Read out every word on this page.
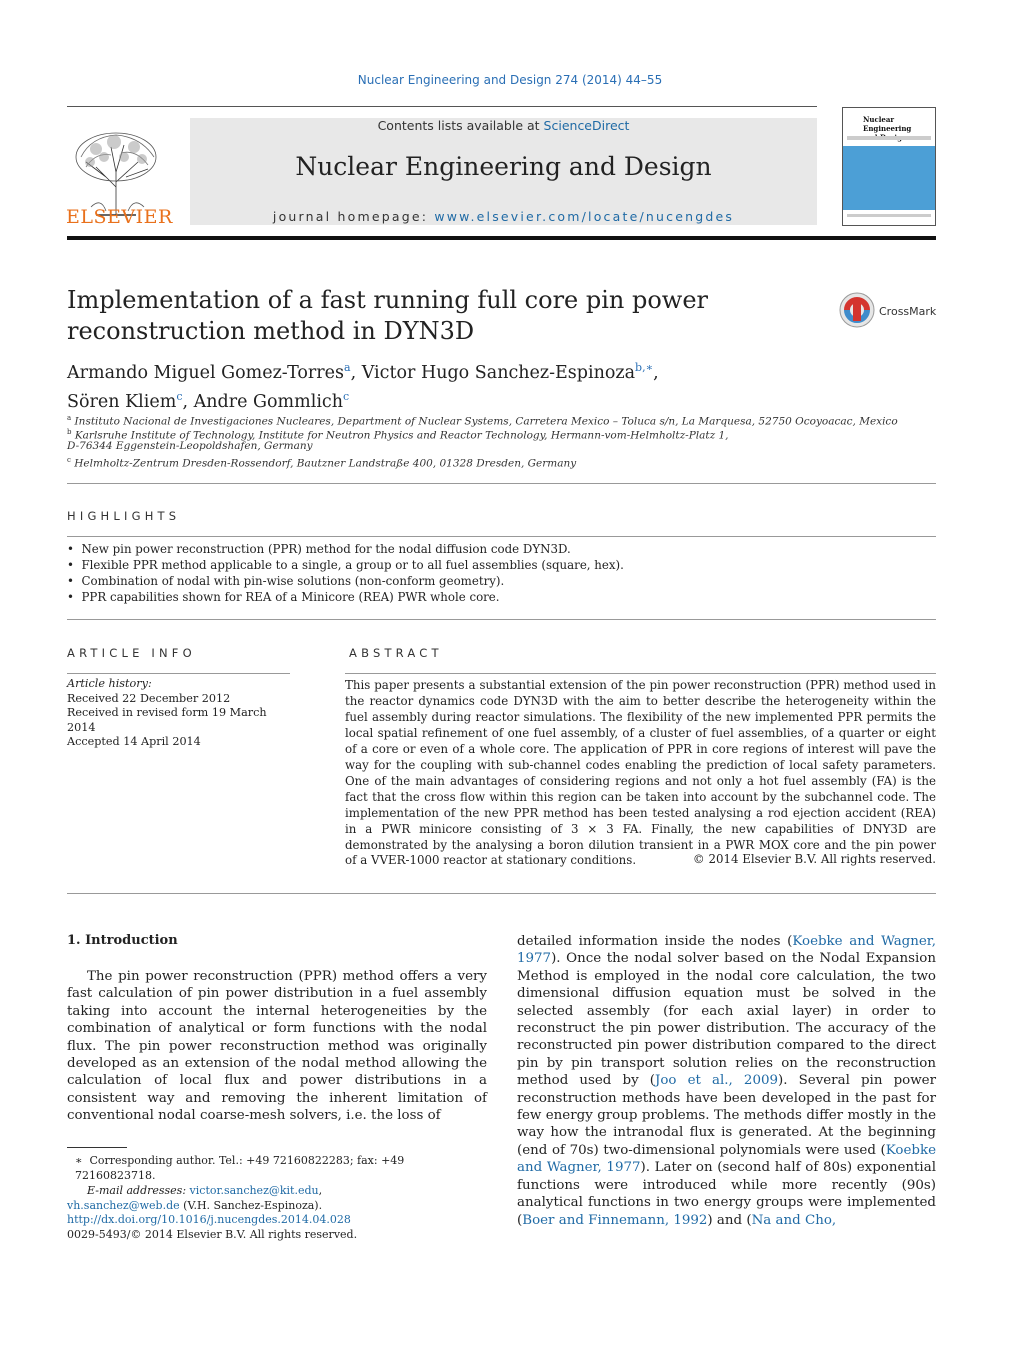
Nuclear Engineering and Design 274 (2014) 44–55
ELSEVIER
Contents lists available at ScienceDirect
Nuclear Engineering and Design
journal homepage: www.elsevier.com/locate/nucengdes
Nuclear Engineering
Implementation of a fast running full core pin power reconstruction method in DYN3D
CrossMark
Armando Miguel Gomez-Torres$^a$, Victor Hugo Sanchez-Espinoza$^{b,∗}$,
Sören Kliem$^c$, Andre Gommlich$^c$
$^a$ Instituto Nacional de Investigaciones Nucleares, Department of Nuclear Systems, Carretera Mexico – Toluca s/n, La Marquesa, 52750 Ocoyoacac, Mexico
$^b$ Karlsruhe Institute of Technology, Institute for Neutron Physics and Reactor Technology, Hermann-vom-Helmholtz-Platz 1,
D-76344 Eggenstein-Leopoldshafen, Germany
$^c$ Helmholtz-Zentrum Dresden-Rossendorf, Bautzner Landstraße 400, 01328 Dresden, Germany
HIGHLIGHTS
•  New pin power reconstruction (PPR) method for the nodal diffusion code DYN3D.
•  Flexible PPR method applicable to a single, a group or to all fuel assemblies (square, hex).
•  Combination of nodal with pin-wise solutions (non-conform geometry).
•  PPR capabilities shown for REA of a Minicore (REA) PWR whole core.
ARTICLE INFO
Article history:
Received 22 December 2012
Received in revised form 19 March 2014
Accepted 14 April 2014
ABSTRACT
This paper presents a substantial extension of the pin power reconstruction (PPR) method used in the reactor dynamics code DYN3D with the aim to better describe the heterogeneity within the fuel assembly during reactor simulations. The flexibility of the new implemented PPR permits the local spatial refinement of one fuel assembly, of a cluster of fuel assemblies, of a quarter or eight of a core or even of a whole core. The application of PPR in core regions of interest will pave the way for the coupling with sub-channel codes enabling the prediction of local safety parameters. One of the main advantages of considering regions and not only a hot fuel assembly (FA) is the fact that the cross flow within this region can be taken into account by the subchannel code. The implementation of the new PPR method has been tested analysing a rod ejection accident (REA) in a PWR minicore consisting of 3 × 3 FA. Finally, the new capabilities of DNY3D are demonstrated by the analysing a boron dilution transient in a PWR MOX core and the pin power of a VVER-1000 reactor at stationary conditions.	© 2014 Elsevier B.V. All rights reserved.
1. Introduction
The pin power reconstruction (PPR) method offers a very fast calculation of pin power distribution in a fuel assembly taking into account the internal heterogeneities by the combination of analytical or form functions with the nodal flux. The pin power reconstruction method was originally developed as an extension of the nodal method allowing the calculation of local flux and power distributions in a consistent way and removing the inherent limitation of conventional nodal coarse-mesh solvers, i.e. the loss of
detailed information inside the nodes (Koebke and Wagner, 1977). Once the nodal solver based on the Nodal Expansion Method is employed in the nodal core calculation, the two dimensional diffusion equation must be solved in the selected assembly (for each axial layer) in order to reconstruct the pin power distribution. The accuracy of the reconstructed pin power distribution compared to the direct pin by pin transport solution relies on the reconstruction method used by (Joo et al., 2009). Several pin power reconstruction methods have been developed in the past for few energy group problems. The methods differ mostly in the way how the intranodal flux is generated. At the beginning (end of 70s) two-dimensional polynomials were used (Koebke and Wagner, 1977). Later on (second half of 80s) exponential functions were introduced while more recently (90s) analytical functions in two energy groups were implemented (Boer and Finnemann, 1992) and (Na and Cho,
∗ Corresponding author. Tel.: +49 72160822283; fax: +49 72160823718.
E-mail addresses: victor.sanchez@kit.edu,
vh.sanchez@web.de (V.H. Sanchez-Espinoza).
http://dx.doi.org/10.1016/j.nucengdes.2014.04.028
0029-5493/© 2014 Elsevier B.V. All rights reserved.
